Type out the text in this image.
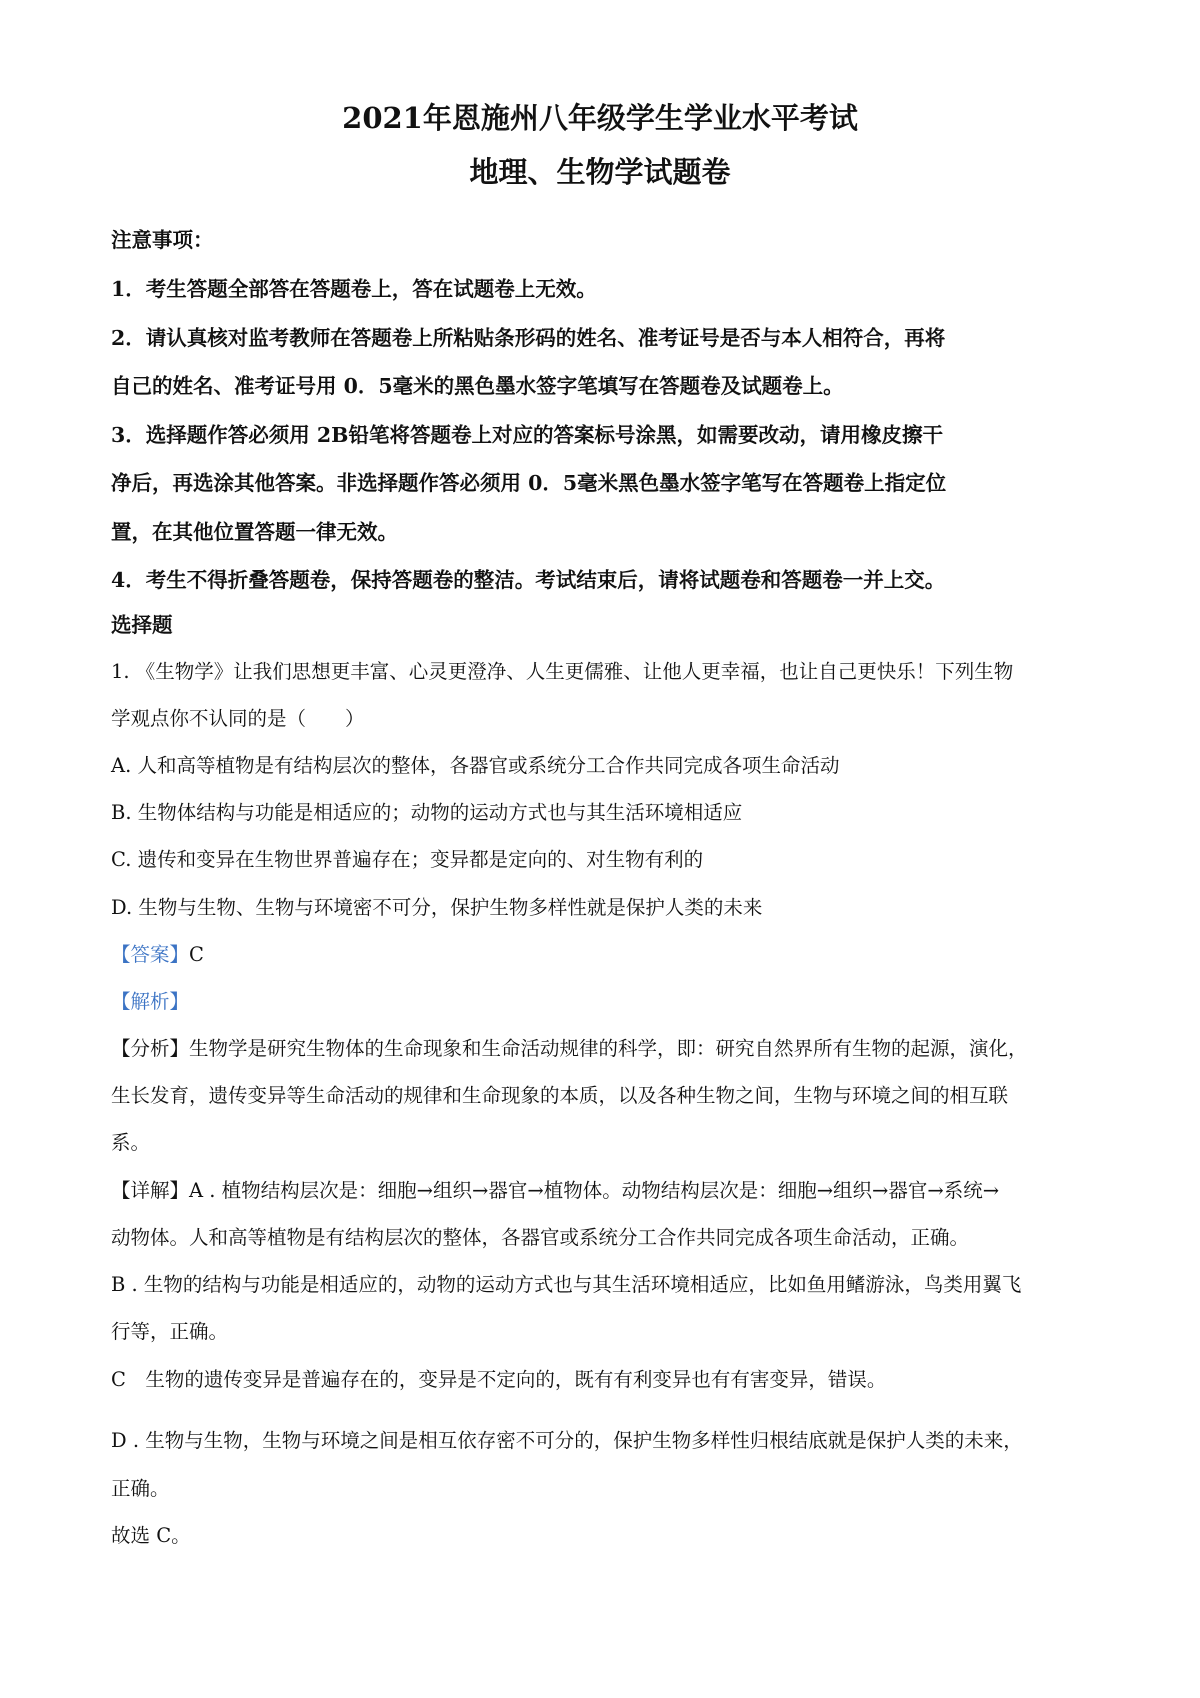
2021年恩施州八年级学生学业水平考试
地理、生物学试题卷
注意事项：
1．考生答题全部答在答题卷上，答在试题卷上无效。
2．请认真核对监考教师在答题卷上所粘贴条形码的姓名、准考证号是否与本人相符合，再将
自己的姓名、准考证号用 0．5毫米的黑色墨水签字笔填写在答题卷及试题卷上。
3．选择题作答必须用 2B铅笔将答题卷上对应的答案标号涂黑，如需要改动，请用橡皮擦干
净后，再选涂其他答案。非选择题作答必须用 0．5毫米黑色墨水签字笔写在答题卷上指定位
置，在其他位置答题一律无效。
4．考生不得折叠答题卷，保持答题卷的整洁。考试结束后，请将试题卷和答题卷一并上交。
选择题
1. 《生物学》让我们思想更丰富、心灵更澄净、人生更儒雅、让他人更幸福，也让自己更快乐！下列生物
学观点你不认同的是（　　）
A. 人和高等植物是有结构层次的整体，各器官或系统分工合作共同完成各项生命活动
B. 生物体结构与功能是相适应的；动物的运动方式也与其生活环境相适应
C. 遗传和变异在生物世界普遍存在；变异都是定向的、对生物有利的
D. 生物与生物、生物与环境密不可分，保护生物多样性就是保护人类的未来
【答案】C
【解析】
【分析】生物学是研究生物体的生命现象和生命活动规律的科学，即：研究自然界所有生物的起源，演化，
生长发育，遗传变异等生命活动的规律和生命现象的本质，以及各种生物之间，生物与环境之间的相互联
系。
【详解】A . 植物结构层次是：细胞→组织→器官→植物体。动物结构层次是：细胞→组织→器官→系统→
动物体。人和高等植物是有结构层次的整体，各器官或系统分工合作共同完成各项生命活动，正确。
B . 生物的结构与功能是相适应的，动物的运动方式也与其生活环境相适应，比如鱼用鳍游泳，鸟类用翼飞
行等，正确。
C　生物的遗传变异是普遍存在的，变异是不定向的，既有有利变异也有有害变异，错误。
D . 生物与生物，生物与环境之间是相互依存密不可分的，保护生物多样性归根结底就是保护人类的未来，
正确。
故选 C。
